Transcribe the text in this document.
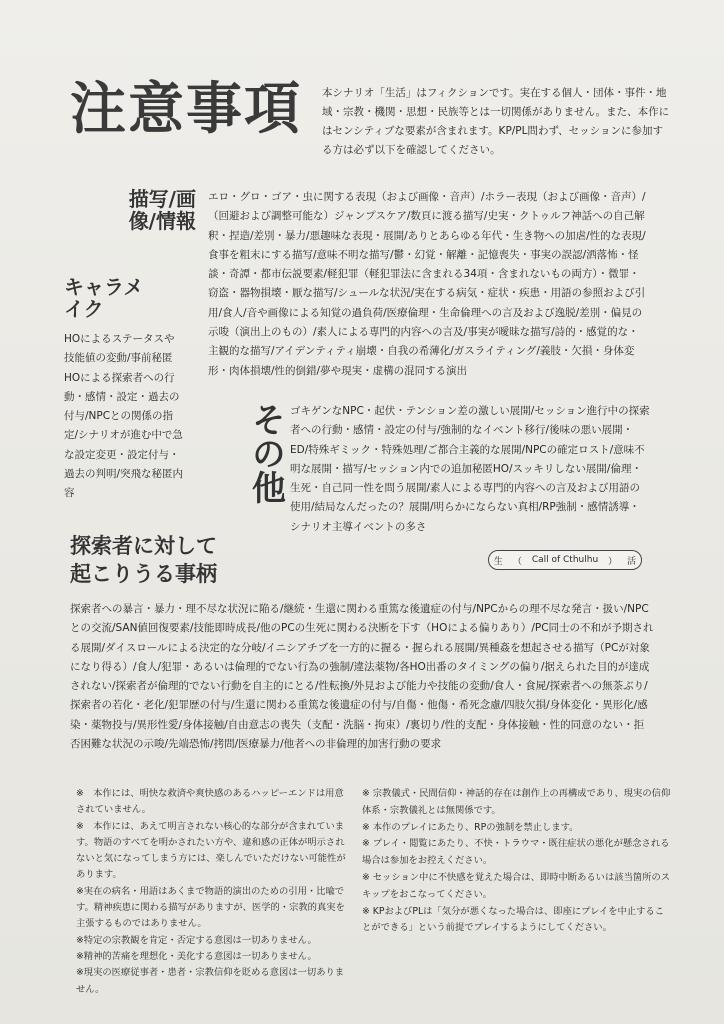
注意事項 本シナリオ「生活」はフィクションです。実在する個人・団体・事件・地域・宗教・機関・思想・民族等とは一切関係がありません。また、本作にはセンシティブな要素が含まれます。KP/PL問わず、セッションに参加する方は必ず以下を確認してください。
描写/画像/情報
エロ・グロ・ゴア・虫に関する表現（および画像・音声）/ホラー表現（および画像・音声）/（回避および調整可能な）ジャンプスケア/数頁に渡る描写/史実・クトゥルフ神話への自己解釈・捏造/差別・暴力/悪趣味な表現・展開/ありとあらゆる年代・生き物への加虐/性的な表現/食事を粗末にする描写/意味不明な描写/鬱・幻覚・解離・記憶喪失・事実の誤認/洒落怖・怪談・奇譚・都市伝説要素/軽犯罪（軽犯罪法に含まれる34項・含まれないもの両方）・微罪・窃盗・器物損壊・厭な描写/シュールな状況/実在する病気・症状・疾患・用語の参照および引用/食人/音や画像による知覚の過負荷/医療倫理・生命倫理への言及および逸脱/差別・偏見の示唆（演出上のもの）/素人による専門的内容への言及/事実が曖昧な描写/詩的・感覚的な・主観的な描写/アイデンティティ崩壊・自我の希薄化/ガスライティング/義肢・欠損・身体変形・肉体損壊/性的倒錯/夢や現実・虚構の混同する演出
キャラメイク
HOによるステータスや技能値の変動/事前秘匿HOによる探索者への行動・感情・設定・過去の付与/NPCとの関係の指定/シナリオが進む中で急な設定変更・設定付与・過去の判明/突飛な秘匿内容	その他 ゴキゲンなNPC・起伏・テンション差の激しい展開/セッション進行中の探索者への行動・感情・設定の付与/強制的なイベント移行/後味の悪い展開・ED/特殊ギミック・特殊処理/ご都合主義的な展開/NPCの確定ロスト/意味不明な展開・描写/セッション内での追加秘匿HO/スッキリしない展開/倫理・生死・自己同一性を問う展開/素人による専門的内容への言及および用語の使用/結局なんだったの？展開/明らかにならない真相/RP強制・感情誘導・シナリオ主導イベントの多さ
探索者に対して
起こりうる事柄
生 （ Call of Cthulhu ） 活
探索者への暴言・暴力・理不尽な状況に陥る/継続・生還に関わる重篤な後遺症の付与/NPCからの理不尽な発言・扱い/NPCとの交流/SAN値回復要素/技能即時成長/他のPCの生死に関わる決断を下す（HOによる偏りあり）/PC同士の不和が予期される展開/ダイスロールによる決定的な分岐/イニシアチブを一方的に握る・握られる展開/異種姦を想起させる描写（PCが対象になり得る）/食人/犯罪・あるいは倫理的でない行為の強制/違法薬物/各HO出番のタイミングの偏り/据えられた目的が達成されない/探索者が倫理的でない行動を自主的にとる/性転換/外見および能力や技能の変動/食人・食屍/探索者への無茶ぶり/探索者の若化・老化/犯罪歴の付与/生還に関わる重篤な後遺症の付与/自傷・他傷・希死念慮/四肢欠損/身体変化・異形化/感染・薬物投与/異形性愛/身体接触/自由意志の喪失（支配・洗脳・拘束）/裏切り/性的支配・身体接触・性的同意のない・拒否困難な状況の示唆/先端恐怖/拷問/医療暴力/他者への非倫理的加害行動の要求
※　本作には、明快な救済や爽快感のあるハッピーエンドは用意されていません。
※　本作には、あえて明言されない核心的な部分が含まれています。物語のすべてを明かされたい方や、違和感の正体が明示されないと気になってしまう方には、楽しんでいただけない可能性があります。
※実在の病名・用語はあくまで物語的演出のための引用・比喩です。精神疾患に関わる描写がありますが、医学的・宗教的真実を主張するものではありません。
※特定の宗教観を肯定・否定する意図は一切ありません。
※精神的苦痛を理想化・美化する意図は一切ありません。
※現実の医療従事者・患者・宗教信仰を貶める意図は一切ありません。
※ 宗教儀式・民間信仰・神話的存在は創作上の再構成であり、現実の信仰体系・宗教儀礼とは無関係です。
※ 本作のプレイにあたり、RPの強制を禁止します。
※ プレイ・閲覧にあたり、不快・トラウマ・既往症状の悪化が懸念される場合は参加をお控えください。
※ セッション中に不快感を覚えた場合は、即時中断あるいは該当箇所のスキップをおこなってください。
※ KPおよびPLは「気分が悪くなった場合は、即座にプレイを中止することができる」という前提でプレイするようにしてください。
